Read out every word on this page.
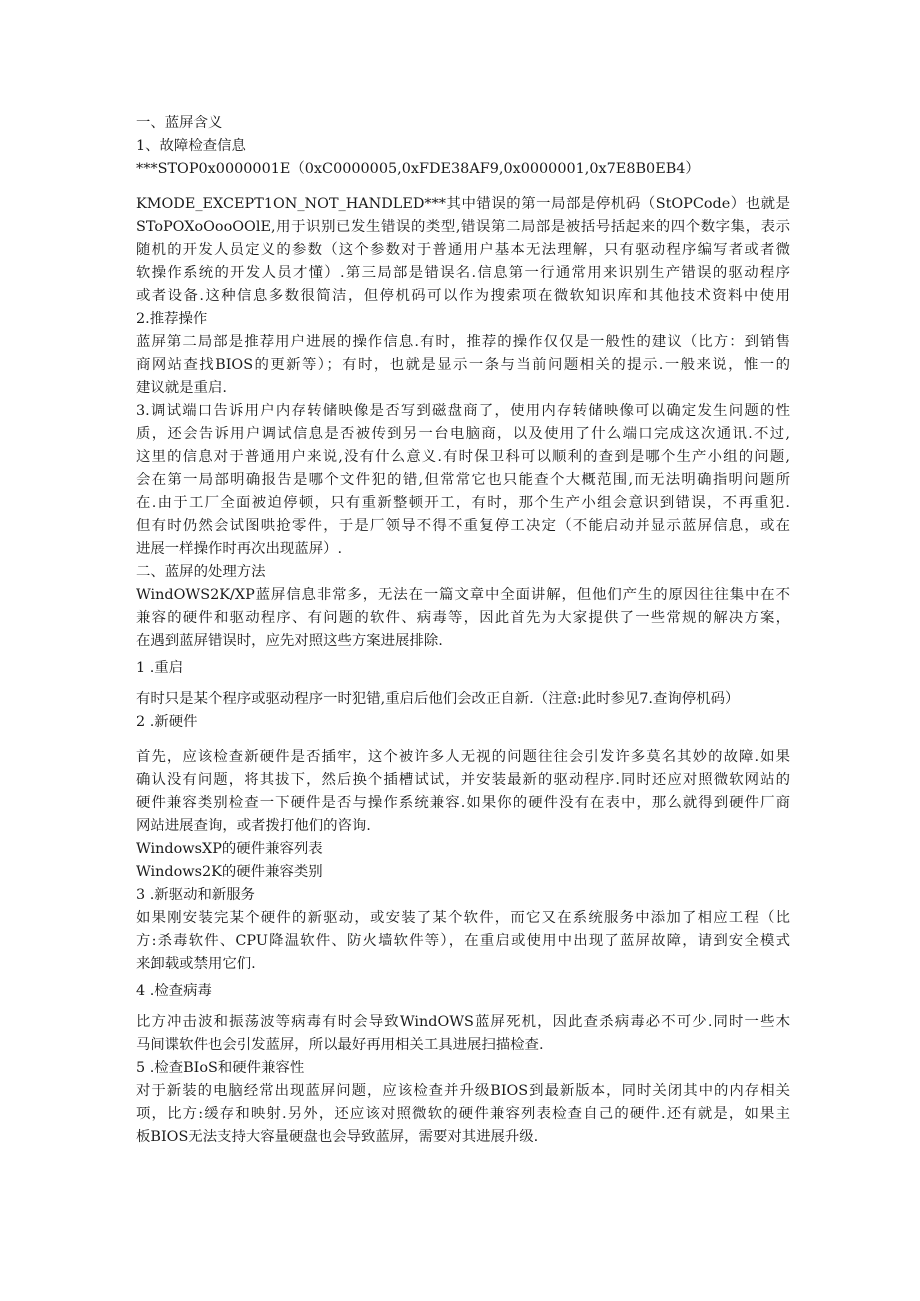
一、蓝屏含义
1、故障检查信息
***STOP0x0000001E（0xC0000005,0xFDE38AF9,0x0000001,0x7E8B0EB4）
KMODE_EXCEPT1ON_NOT_HANDLED***其中错误的第一局部是停机码（StOPCode）也就是
SToPOXoOooOOlE,用于识别已发生错误的类型,错误第二局部是被括号括起来的四个数字集，表示
随机的开发人员定义的参数（这个参数对于普通用户基本无法理解，只有驱动程序编写者或者微
软操作系统的开发人员才懂）.第三局部是错误名.信息第一行通常用来识别生产错误的驱动程序
或者设备.这种信息多数很简洁，但停机码可以作为搜索项在微软知识库和其他技术资料中使用
2.推荐操作
蓝屏第二局部是推荐用户进展的操作信息.有时，推荐的操作仅仅是一般性的建议（比方：到销售
商网站查找BIOS的更新等）；有时，也就是显示一条与当前问题相关的提示.一般来说，惟一的
建议就是重启.
3.调试端口告诉用户内存转储映像是否写到磁盘商了，使用内存转储映像可以确定发生问题的性
质，还会告诉用户调试信息是否被传到另一台电脑商，以及使用了什么端口完成这次通讯.不过,
这里的信息对于普通用户来说,没有什么意义.有时保卫科可以顺利的查到是哪个生产小组的问题,
会在第一局部明确报告是哪个文件犯的错,但常常它也只能查个大概范围,而无法明确指明问题所
在.由于工厂全面被迫停顿，只有重新整顿开工，有时，那个生产小组会意识到错误，不再重犯.
但有时仍然会试图哄抢零件，于是厂领导不得不重复停工决定（不能启动并显示蓝屏信息，或在
进展一样操作时再次出现蓝屏）.
二、蓝屏的处理方法
WindOWS2K/XP蓝屏信息非常多，无法在一篇文章中全面讲解，但他们产生的原因往往集中在不
兼容的硬件和驱动程序、有问题的软件、病毒等，因此首先为大家提供了一些常规的解决方案，
在遇到蓝屏错误时，应先对照这些方案进展排除.
1 .重启
有时只是某个程序或驱动程序一时犯错,重启后他们会改正自新.（注意:此时参见7.查询停机码）
2 .新硬件
首先，应该检查新硬件是否插牢，这个被许多人无视的问题往往会引发许多莫名其妙的故障.如果
确认没有问题，将其拔下，然后换个插槽试试，并安装最新的驱动程序.同时还应对照微软网站的
硬件兼容类别检查一下硬件是否与操作系统兼容.如果你的硬件没有在表中，那么就得到硬件厂商
网站进展查询，或者拨打他们的咨询.
WindowsXP的硬件兼容列表
Windows2K的硬件兼容类别
3 .新驱动和新服务
如果刚安装完某个硬件的新驱动，或安装了某个软件，而它又在系统服务中添加了相应工程（比
方:杀毒软件、CPU降温软件、防火墙软件等），在重启或使用中出现了蓝屏故障，请到安全模式
来卸载或禁用它们.
4 .检查病毒
比方冲击波和振荡波等病毒有时会导致WindOWS蓝屏死机，因此查杀病毒必不可少.同时一些木
马间谍软件也会引发蓝屏，所以最好再用相关工具进展扫描检查.
5 .检查BIoS和硬件兼容性
对于新装的电脑经常出现蓝屏问题，应该检查并升级BIOS到最新版本，同时关闭其中的内存相关
项，比方:缓存和映射.另外，还应该对照微软的硬件兼容列表检查自己的硬件.还有就是，如果主
板BIOS无法支持大容量硬盘也会导致蓝屏，需要对其进展升级.
